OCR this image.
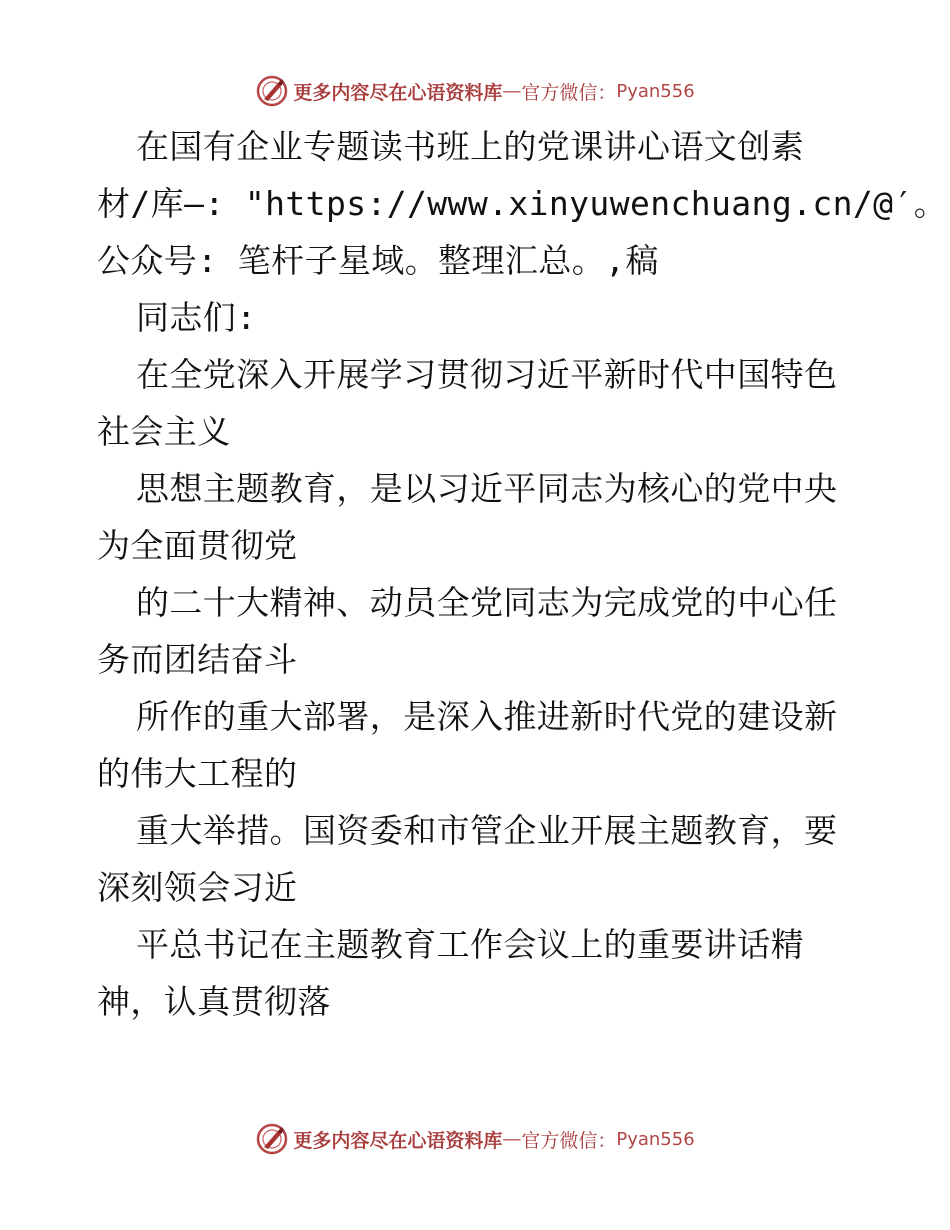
更多内容尽在心语资料库 — 官方微信： Pyan556
在国有企业专题读书班上的党课讲心语文创素
材/库—: "https://www.xinyuwenchuang.cn/@′。
公众号: 笔杆子星域。整理汇总。,稿
同志们:
在全党深入开展学习贯彻习近平新时代中国特色
社会主义
思想主题教育，是以习近平同志为核心的党中央
为全面贯彻党
的二十大精神、动员全党同志为完成党的中心任
务而团结奋斗
所作的重大部署，是深入推进新时代党的建设新
的伟大工程的
重大举措。国资委和市管企业开展主题教育，要
深刻领会习近
平总书记在主题教育工作会议上的重要讲话精
神，认真贯彻落
更多内容尽在心语资料库 — 官方微信： Pyan556
